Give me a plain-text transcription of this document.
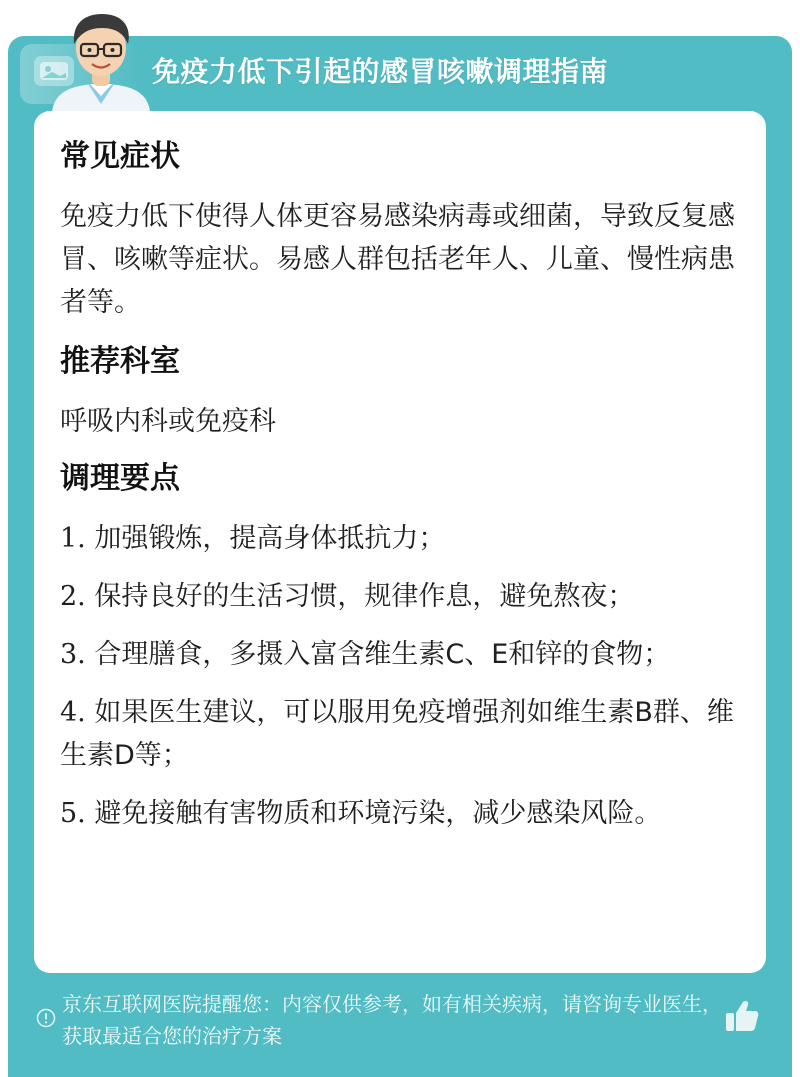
免疫力低下引起的感冒咳嗽调理指南
常见症状

免疫力低下使得人体更容易感染病毒或细菌，导致反复感冒、咳嗽等症状。易感人群包括老年人、儿童、慢性病患者等。

推荐科室

呼吸内科或免疫科

调理要点

1. 加强锻炼，提高身体抵抗力；

2. 保持良好的生活习惯，规律作息，避免熬夜；

3. 合理膳食，多摄入富含维生素C、E和锌的食物；

4. 如果医生建议，可以服用免疫增强剂如维生素B群、维生素D等；

5. 避免接触有害物质和环境污染，减少感染风险。

京东互联网医院提醒您：内容仅供参考，如有相关疾病，请咨询专业医生，获取最适合您的治疗方案
